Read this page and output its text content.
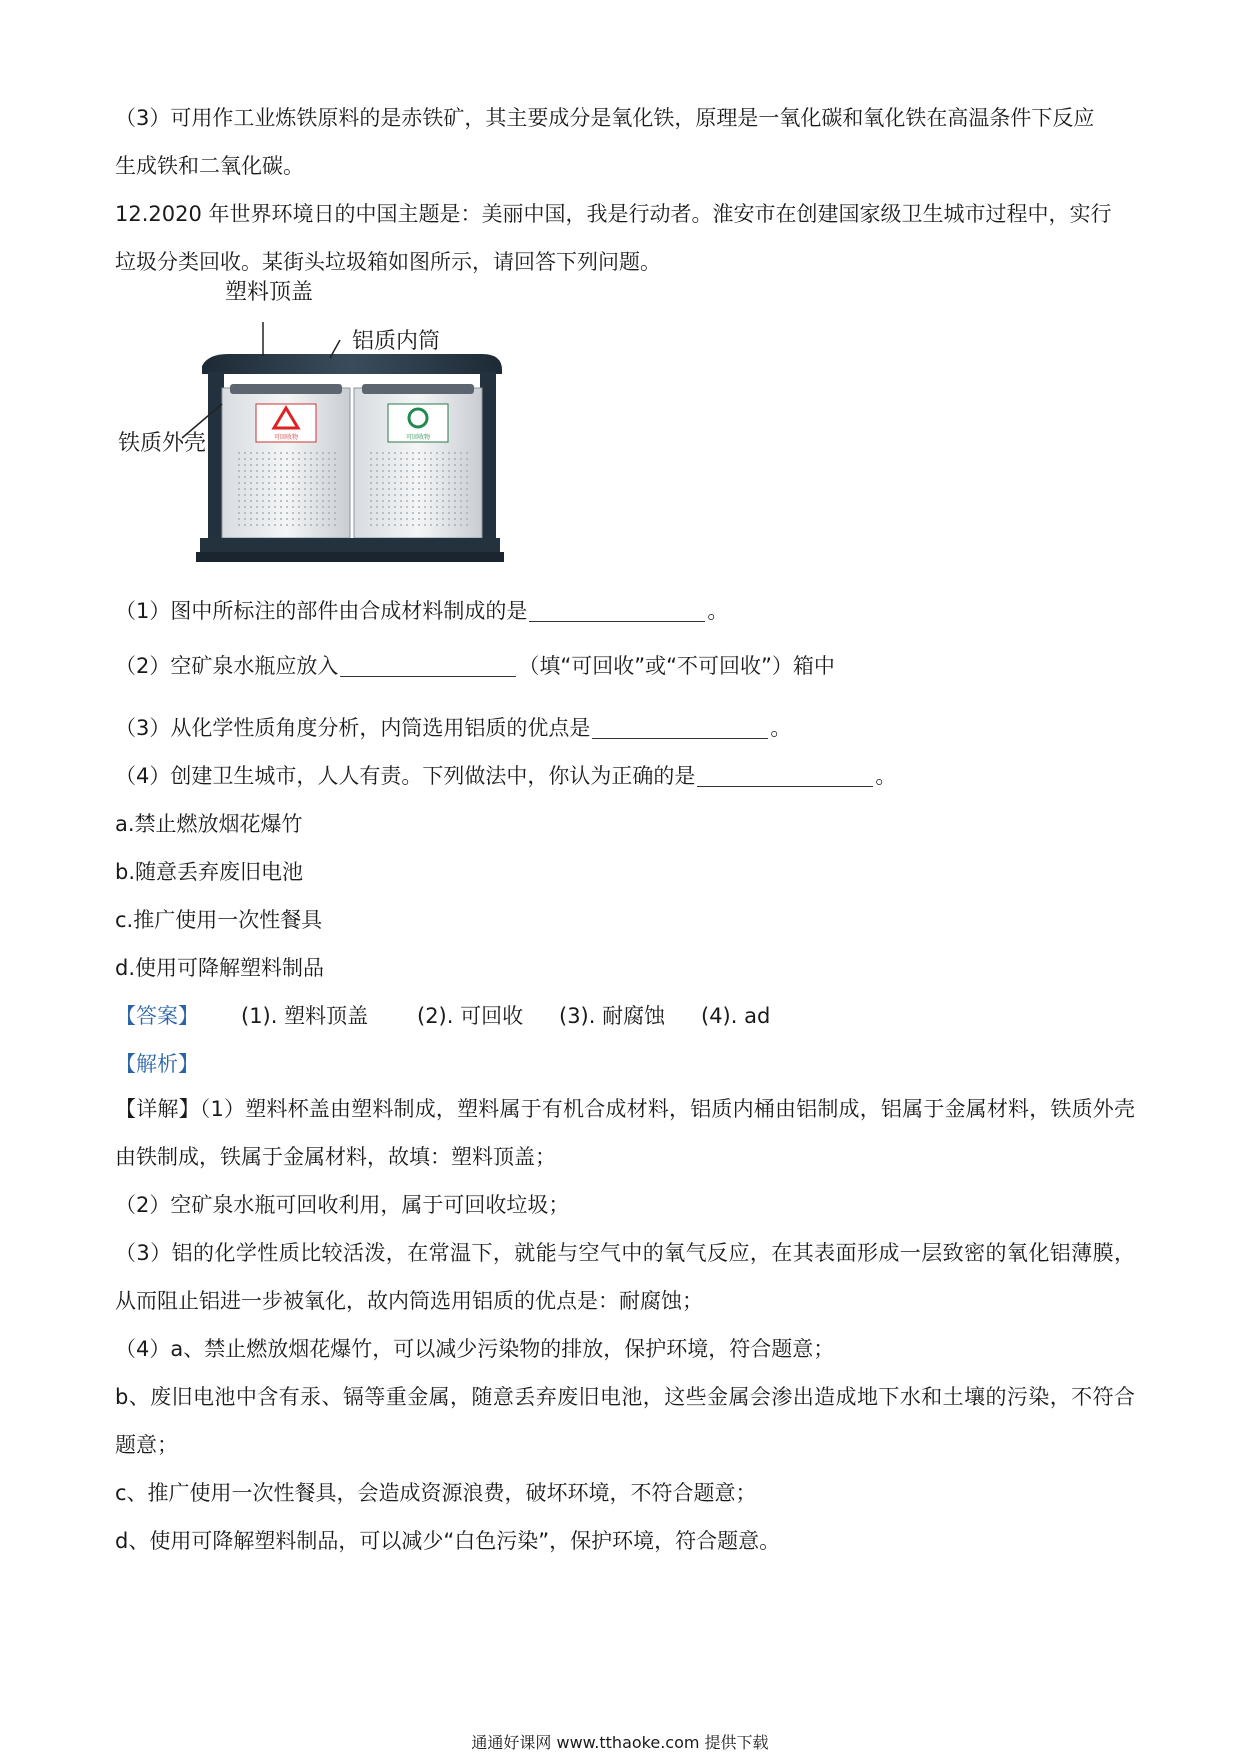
（3）可用作工业炼铁原料的是赤铁矿，其主要成分是氧化铁，原理是一氧化碳和氧化铁在高温条件下反应
生成铁和二氧化碳。
12.2020 年世界环境日的中国主题是：美丽中国，我是行动者。淮安市在创建国家级卫生城市过程中，实行
垃圾分类回收。某街头垃圾箱如图所示，请回答下列问题。
可回收物	可回收物
塑料顶盖
铝质内筒
铁质外壳
（1）图中所标注的部件由合成材料制成的是	。
（2）空矿泉水瓶应放入	（填“可回收”或“不可回收”）箱中
（3）从化学性质角度分析，内筒选用铝质的优点是	。
（4）创建卫生城市，人人有责。下列做法中，你认为正确的是	。
a.禁止燃放烟花爆竹
b.随意丢弃废旧电池
c.推广使用一次性餐具
d.使用可降解塑料制品
【答案】 (1). 塑料顶盖 (2). 可回收 (3). 耐腐蚀 (4). ad
【解析】
【详解】（1）塑料杯盖由塑料制成，塑料属于有机合成材料，铝质内桶由铝制成，铝属于金属材料，铁质外壳由铁制成，铁属于金属材料，故填：塑料顶盖；
（2）空矿泉水瓶可回收利用，属于可回收垃圾；
（3）铝的化学性质比较活泼，在常温下，就能与空气中的氧气反应，在其表面形成一层致密的氧化铝薄膜，从而阻止铝进一步被氧化，故内筒选用铝质的优点是：耐腐蚀；
（4）a、禁止燃放烟花爆竹，可以减少污染物的排放，保护环境，符合题意；
b、废旧电池中含有汞、镉等重金属，随意丢弃废旧电池，这些金属会渗出造成地下水和土壤的污染，不符合题意；
c、推广使用一次性餐具，会造成资源浪费，破坏环境，不符合题意；
d、使用可降解塑料制品，可以减少“白色污染”，保护环境，符合题意。
通通好课网 www.tthaoke.com 提供下载
